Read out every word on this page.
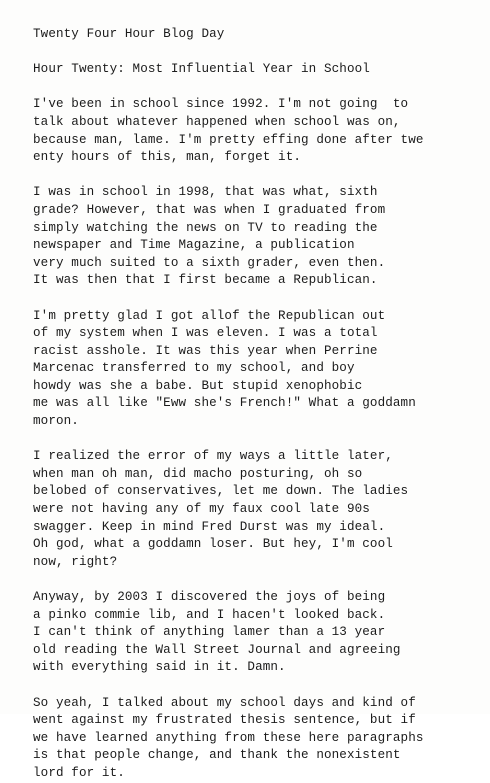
Twenty Four Hour Blog Day
Hour Twenty: Most Influential Year in School
I've been in school since 1992. I'm not going  to
talk about whatever happened when school was on,
because man, lame. I'm pretty effing done after twe
enty hours of this, man, forget it.
I was in school in 1998, that was what, sixth
grade? However, that was when I graduated from
simply watching the news on TV to reading the
newspaper and Time Magazine, a publication
very much suited to a sixth grader, even then.
It was then that I first became a Republican.
I'm pretty glad I got allof the Republican out
of my system when I was eleven. I was a total
racist asshole. It was this year when Perrine
Marcenac transferred to my school, and boy
howdy was she a babe. But stupid xenophobic
me was all like "Eww she's French!" What a goddamn
moron.
I realized the error of my ways a little later,
when man oh man, did macho posturing, oh so
belobed of conservatives, let me down. The ladies
were not having any of my faux cool late 90s
swagger. Keep in mind Fred Durst was my ideal.
Oh god, what a goddamn loser. But hey, I'm cool
now, right?
Anyway, by 2003 I discovered the joys of being
a pinko commie lib, and I hacen't looked back.
I can't think of anything lamer than a 13 year
old reading the Wall Street Journal and agreeing
with everything said in it. Damn.
So yeah, I talked about my school days and kind of
went against my frustrated thesis sentence, but if
we have learned anything from these here paragraphs
is that people change, and thank the nonexistent
lord for it.
